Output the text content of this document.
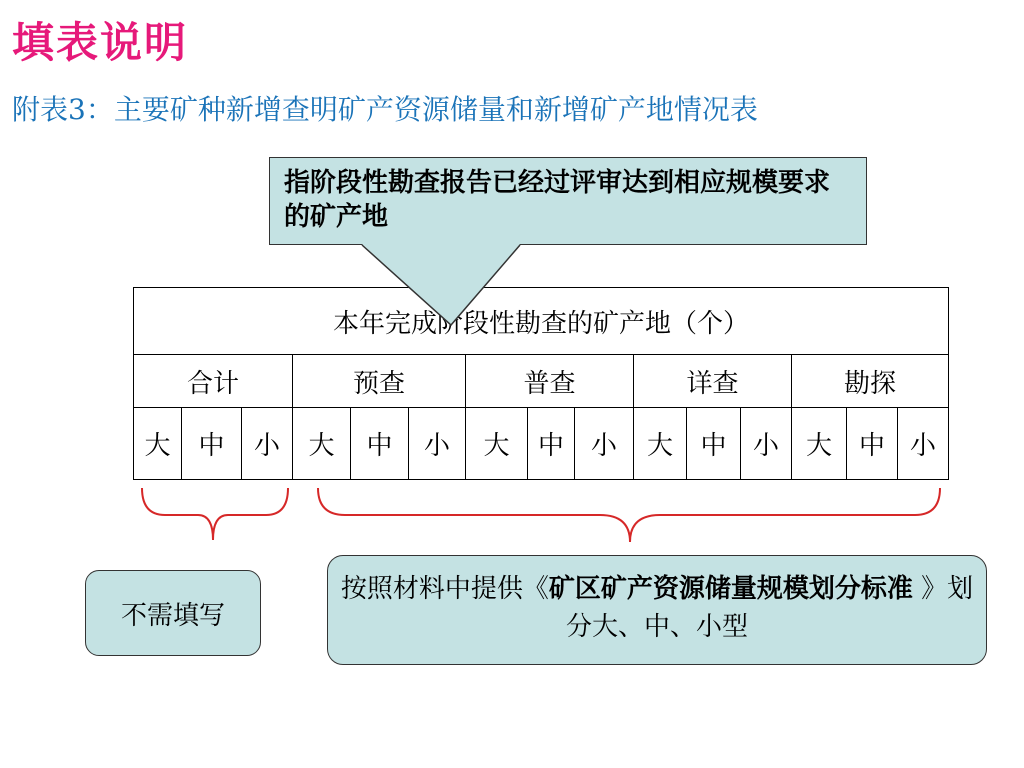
填表说明
附表3：主要矿种新增查明矿产资源储量和新增矿产地情况表
指阶段性勘查报告已经过评审达到相应规模要求的矿产地
本年完成阶段性勘查的矿产地（个）														
合计			预查			普查			详查			勘探		
大	中	小	大	中	小	大	中	小	大	中	小	大	中	小
不需填写
按照材料中提供《矿区矿产资源储量规模划分标准 》划分大、中、小型
